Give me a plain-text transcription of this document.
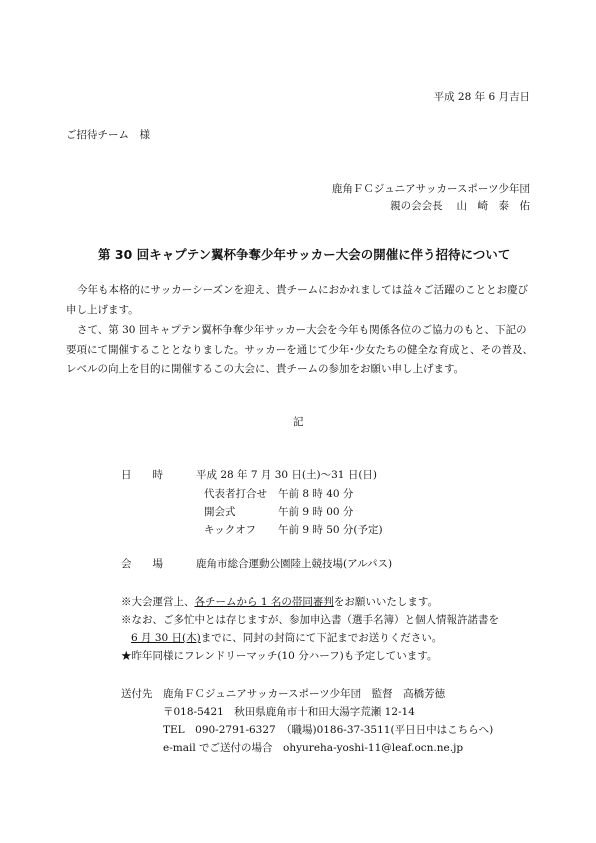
平成 28 年 6 月吉日
ご招待チーム　様
鹿角ＦＣジュニアサッカースポーツ少年団
親の会会長　 山　崎　泰　佑
第 30 回キャプテン翼杯争奪少年サッカー大会の開催に伴う招待について
今年も本格的にサッカーシーズンを迎え、貴チームにおかれましては益々ご活躍のこととお慶び
申し上げます。
さて、第 30 回キャプテン翼杯争奪少年サッカー大会を今年も関係各位のご協力のもと、下記の
要項にて開催することとなりました。サッカーを通じて少年･少女たちの健全な育成と、その普及、
レベルの向上を目的に開催するこの大会に、貴チームの参加をお願い申し上げます。
記
日　　時	平成 28 年 7 月 30 日(土)～31 日(日)
代表者打合せ 午前 8 時 40 分
開会式	午前 9 時 00 分
キックオフ 午前 9 時 50 分(予定)
会　　場	鹿角市総合運動公園陸上競技場(アルパス)
※大会運営上、各チームから 1 名の帯同審判をお願いいたします。
※なお、ご多忙中とは存じますが、参加申込書（選手名簿）と個人情報許諾書を
6 月 30 日(木)までに、同封の封筒にて下記までお送りください。
★昨年同様にフレンドリーマッチ(10 分ハーフ)も予定しています。
送付先 鹿角ＦＣジュニアサッカースポーツ少年団　監督　高橋芳徳
〒018-5421　秋田県鹿角市十和田大湯字荒瀬 12-14
TEL　090-2791-6327　（職場)0186-37-3511(平日日中はこちらへ)
e-mail でご送付の場合　ohyureha-yoshi-11@leaf.ocn.ne.jp
